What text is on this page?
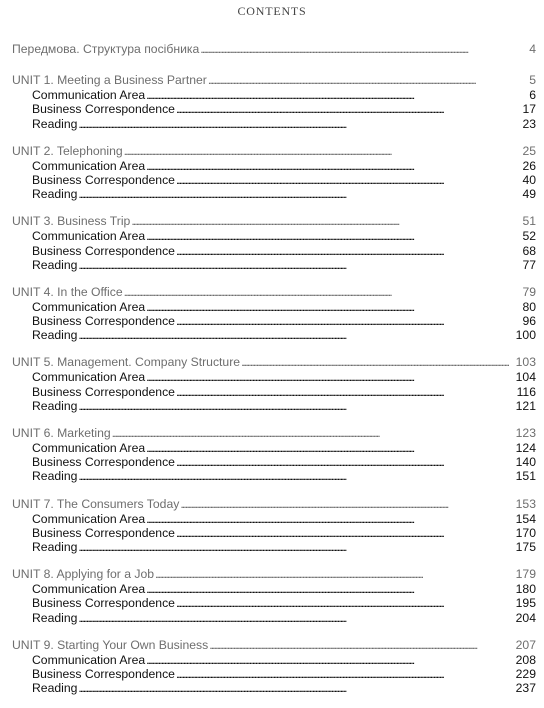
CONTENTS
Передмова. Структура посібника . . .	4
UNIT 1. Meeting a Business Partner . . .	5
Communication Area . . .	6
Business Correspondence . . .	17
Reading . . .	23
UNIT 2. Telephoning . . .	25
Communication Area . . .	26
Business Correspondence . . .	40
Reading . . .	49
UNIT 3. Business Trip . . .	51
Communication Area . . .	52
Business Correspondence . . .	68
Reading . . .	77
UNIT 4. In the Office . . .	79
Communication Area . . .	80
Business Correspondence . . .	96
Reading . . .	100
UNIT 5. Management. Company Structure . . .	103
Communication Area . . .	104
Business Correspondence . . .	116
Reading . . .	121
UNIT 6. Marketing . . .	123
Communication Area . . .	124
Business Correspondence . . .	140
Reading . . .	151
UNIT 7. The Consumers Today . . .	153
Communication Area . . .	154
Business Correspondence . . .	170
Reading . . .	175
UNIT 8. Applying for a Job . . .	179
Communication Area . . .	180
Business Correspondence . . .	195
Reading . . .	204
UNIT 9. Starting Your Own Business . . .	207
Communication Area . . .	208
Business Correspondence . . .	229
Reading . . .	237
